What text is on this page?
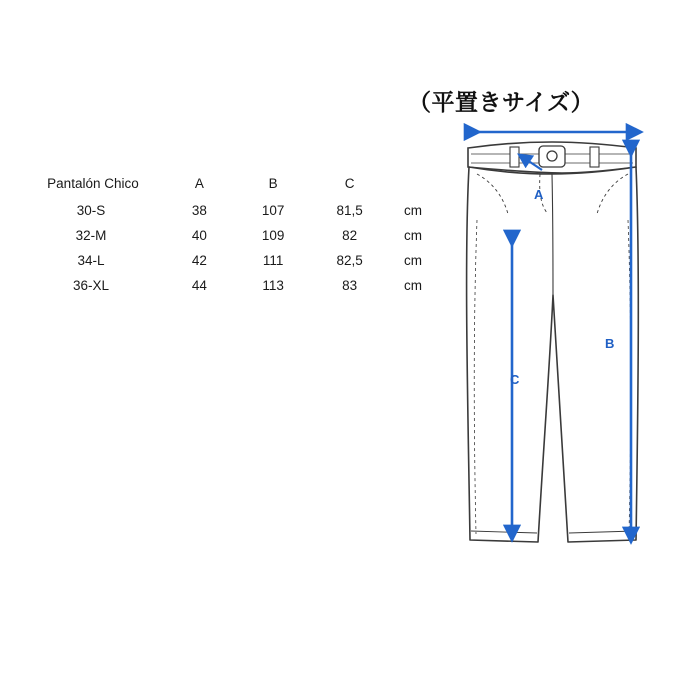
（平置きサイズ）
Pantalón Chico	A	B	C	
30-S	38	107	81,5	cm
32-M	40	109	82	cm
34-L	42	111	82,5	cm
36-XL	44	113	83	cm
A
B
C
